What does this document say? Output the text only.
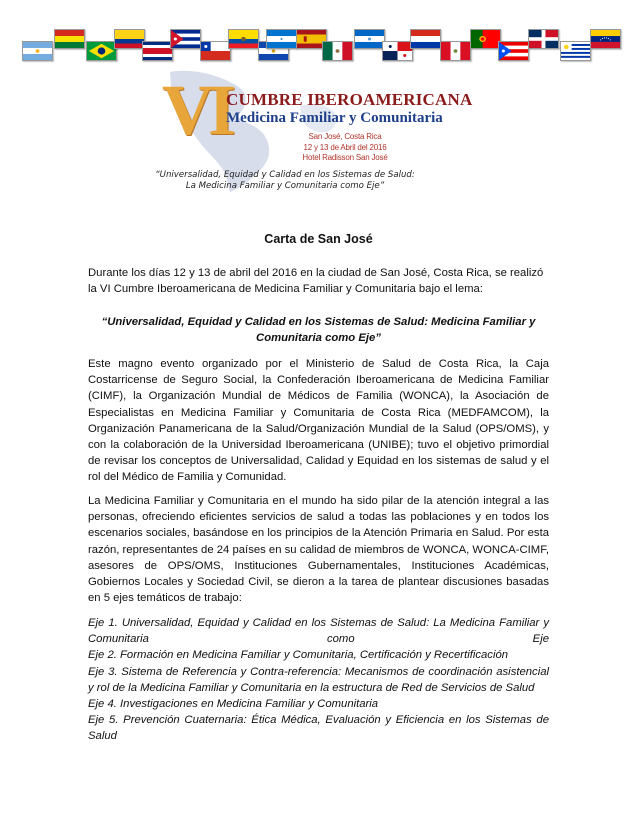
VI
CUMBRE IBEROAMERICANA
Medicina Familiar y Comunitaria
San José, Costa Rica
12 y 13 de Abril del 2016
Hotel Radisson San José
“Universalidad, Equidad y Calidad en los Sistemas de Salud:
La Medicina Familiar y Comunitaria como Eje”
Carta de San José
Durante los días 12 y 13 de abril del 2016 en la ciudad de San José, Costa Rica, se realizó la VI Cumbre Iberoamericana de Medicina Familiar y Comunitaria bajo el lema:
“Universalidad, Equidad y Calidad en los Sistemas de Salud: Medicina Familiar y Comunitaria como Eje”
Este magno evento organizado por el Ministerio de Salud de Costa Rica, la Caja Costarricense de Seguro Social, la Confederación Iberoamericana de Medicina Familiar (CIMF), la Organización Mundial de Médicos de Familia (WONCA), la Asociación de Especialistas en Medicina Familiar y Comunitaria de Costa Rica (MEDFAMCOM), la Organización Panamericana de la Salud/Organización Mundial de la Salud (OPS/OMS), y con la colaboración de la Universidad Iberoamericana (UNIBE); tuvo el objetivo primordial de revisar los conceptos de Universalidad, Calidad y Equidad en los sistemas de salud y el rol del Médico de Familia y Comunidad.
La Medicina Familiar y Comunitaria en el mundo ha sido pilar de la atención integral a las personas, ofreciendo eficientes servicios de salud a todas las poblaciones y en todos los escenarios sociales, basándose en los principios de la Atención Primaria en Salud. Por esta razón, representantes de 24 países en su calidad de miembros de WONCA, WONCA-CIMF, asesores de OPS/OMS, Instituciones Gubernamentales, Instituciones Académicas, Gobiernos Locales y Sociedad Civil, se dieron a la tarea de plantear discusiones basadas en 5 ejes temáticos de trabajo:
Eje 1. Universalidad, Equidad y Calidad en los Sistemas de Salud: La Medicina Familiar y Comunitaria como Eje
Eje 2. Formación en Medicina Familiar y Comunitaria, Certificación y Recertificación
Eje 3. Sistema de Referencia y Contra-referencia: Mecanismos de coordinación asistencial y rol de la Medicina Familiar y Comunitaria en la estructura de Red de Servicios de Salud
Eje 4. Investigaciones en Medicina Familiar y Comunitaria
Eje 5. Prevención Cuaternaria: Ética Médica, Evaluación y Eficiencia en los Sistemas de Salud
